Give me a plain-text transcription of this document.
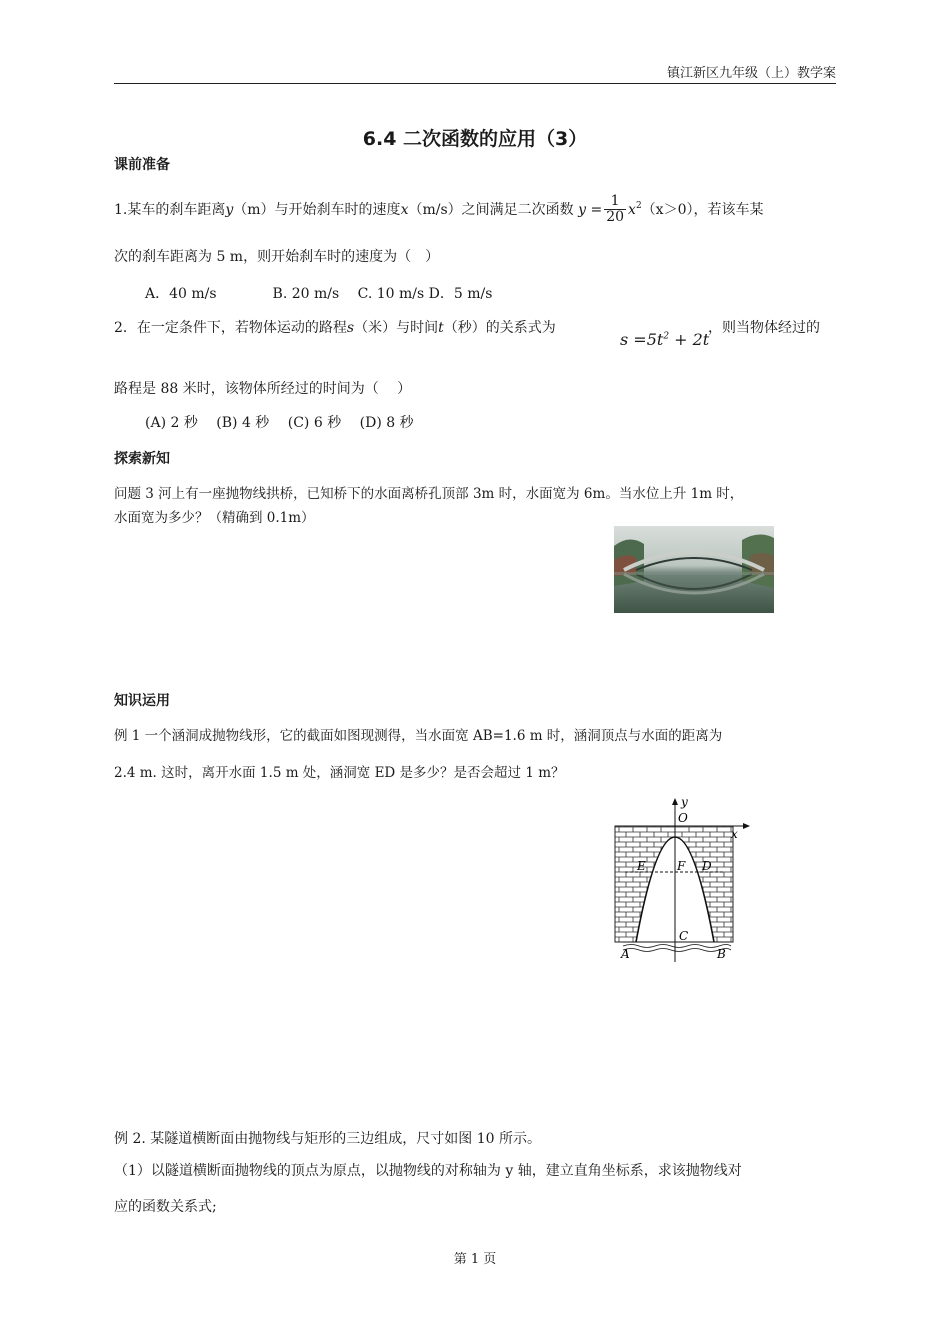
镇江新区九年级（上）教学案
6.4 二次函数的应用（3）
课前准备
1.某车的刹车距离y（m）与开始刹车时的速度x（m/s）之间满足二次函数 $y = \frac{1}{20} x^2(x>0)$，若该车某
次的刹车距离为 5 m，则开始刹车时的速度为（　）
A．40 m/s　　　　B. 20 m/s　 C. 10 m/s D．5 m/s
2．在一定条件下，若物体运动的路程s（米）与时间t（秒）的关系式为
$s =5t^2 + 2t$
，则当物体经过的
路程是 88 米时，该物体所经过的时间为（　 ）
(A) 2 秒　 (B) 4 秒　 (C) 6 秒　 (D) 8 秒
探索新知
问题 3 河上有一座抛物线拱桥，已知桥下的水面离桥孔顶部 3m 时，水面宽为 6m。当水位上升 1m 时，
水面宽为多少？（精确到 0.1m）
知识运用
例 1 一个涵洞成抛物线形，它的截面如图现测得，当水面宽 AB=1.6 m 时，涵洞顶点与水面的距离为
2.4 m. 这时，离开水面 1.5 m 处，涵洞宽 ED 是多少？是否会超过 1 m？
y
x
O
E	F D
C
A	B
例 2. 某隧道横断面由抛物线与矩形的三边组成，尺寸如图 10 所示。
（1）以隧道横断面抛物线的顶点为原点，以抛物线的对称轴为 y 轴，建立直角坐标系，求该抛物线对
应的函数关系式;
第 1 页
